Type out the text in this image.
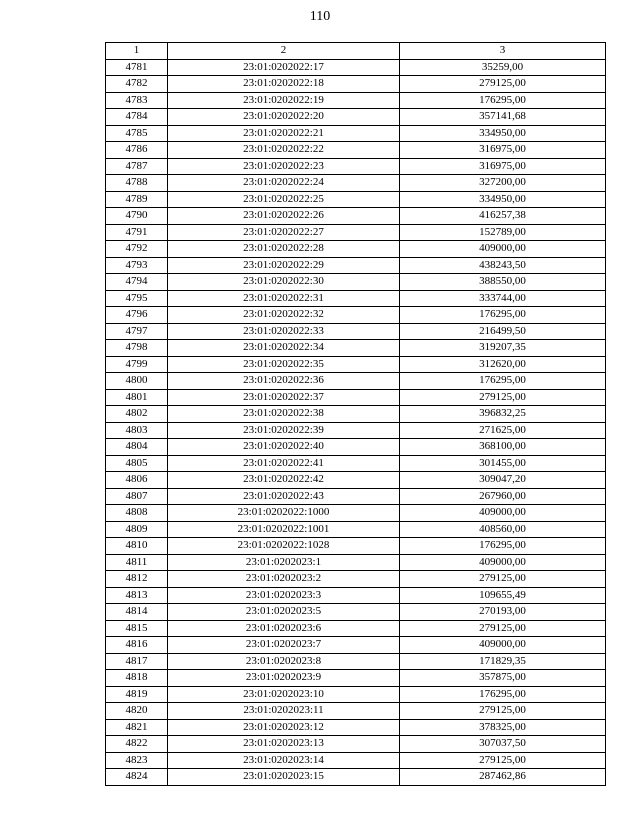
110
1	2	3
4781	23:01:0202022:17	35259,00
4782	23:01:0202022:18	279125,00
4783	23:01:0202022:19	176295,00
4784	23:01:0202022:20	357141,68
4785	23:01:0202022:21	334950,00
4786	23:01:0202022:22	316975,00
4787	23:01:0202022:23	316975,00
4788	23:01:0202022:24	327200,00
4789	23:01:0202022:25	334950,00
4790	23:01:0202022:26	416257,38
4791	23:01:0202022:27	152789,00
4792	23:01:0202022:28	409000,00
4793	23:01:0202022:29	438243,50
4794	23:01:0202022:30	388550,00
4795	23:01:0202022:31	333744,00
4796	23:01:0202022:32	176295,00
4797	23:01:0202022:33	216499,50
4798	23:01:0202022:34	319207,35
4799	23:01:0202022:35	312620,00
4800	23:01:0202022:36	176295,00
4801	23:01:0202022:37	279125,00
4802	23:01:0202022:38	396832,25
4803	23:01:0202022:39	271625,00
4804	23:01:0202022:40	368100,00
4805	23:01:0202022:41	301455,00
4806	23:01:0202022:42	309047,20
4807	23:01:0202022:43	267960,00
4808	23:01:0202022:1000	409000,00
4809	23:01:0202022:1001	408560,00
4810	23:01:0202022:1028	176295,00
4811	23:01:0202023:1	409000,00
4812	23:01:0202023:2	279125,00
4813	23:01:0202023:3	109655,49
4814	23:01:0202023:5	270193,00
4815	23:01:0202023:6	279125,00
4816	23:01:0202023:7	409000,00
4817	23:01:0202023:8	171829,35
4818	23:01:0202023:9	357875,00
4819	23:01:0202023:10	176295,00
4820	23:01:0202023:11	279125,00
4821	23:01:0202023:12	378325,00
4822	23:01:0202023:13	307037,50
4823	23:01:0202023:14	279125,00
4824	23:01:0202023:15	287462,86
